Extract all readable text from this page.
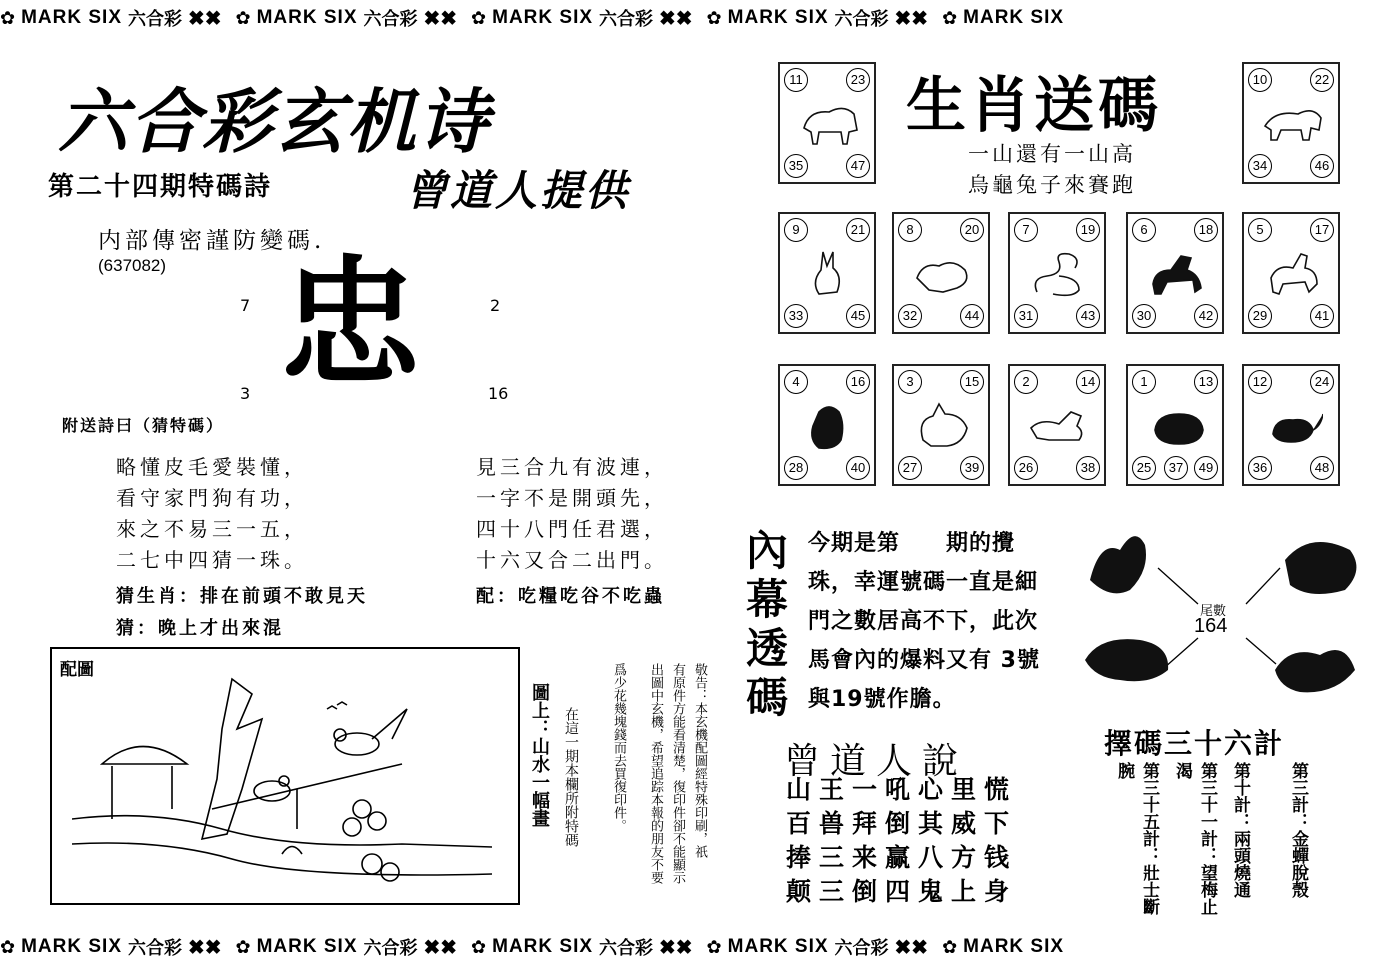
✿ MARK SIX 六合彩 ✖✖ ✿ MARK SIX 六合彩 ✖✖ ✿ MARK SIX 六合彩 ✖✖ ✿ MARK SIX 六合彩 ✖✖ ✿ MARK SIX
✿ MARK SIX 六合彩 ✖✖ ✿ MARK SIX 六合彩 ✖✖ ✿ MARK SIX 六合彩 ✖✖ ✿ MARK SIX 六合彩 ✖✖ ✿ MARK SIX
六合彩玄机诗
第二十四期特碼詩	曾道人提供
内部傳密謹防變碼.
(637082)
7	2
3	16
忠
附送詩曰（猜特碼）
略懂皮毛愛裝懂，
看守家門狗有功，
來之不易三一五，
二七中四猜一珠。
見三合九有波連，
一字不是開頭先，
四十八門任君選，
十六又合二出門。
猜生肖：排在前頭不敢見天	配：吃糧吃谷不吃蟲
猜：晚上才出來混
配圖
圖上：山水一幅畫 在這一期本欄所附特碼	敬告：本玄機配圖經特殊印刷，祇
有原件方能看清楚，復印件卻不能顯示
出圖中玄機，希望追踪本報的朋友不要
爲少花幾塊錢而去買復印件。
生肖送碼
一山還有一山高
烏龜兔子來賽跑
11	23
35	47
10	22
34	46
9	21
33	45
8	20
32	44
7	19
31	43
6	18
30	42
5	17
29	41
4	16
28	40
3	15
27	39
2	14
26	38
1	13
25	49
37
12	24
36	48
內幕透碼
今期是第　　期的攪
珠，幸運號碼一直是細
門之數居高不下，此次
馬會內的爆料又有 3號
與19號作膽。
尾數
164
曾道人說
山王一吼心里慌
百兽拜倒其威下
捧三来赢八方钱
颠三倒四鬼上身
擇碼三十六計
第三十五計：壯士斷腕	第三十一計：望梅止渴	第十計：兩頭燒通 第三計：金蟬脫殼
